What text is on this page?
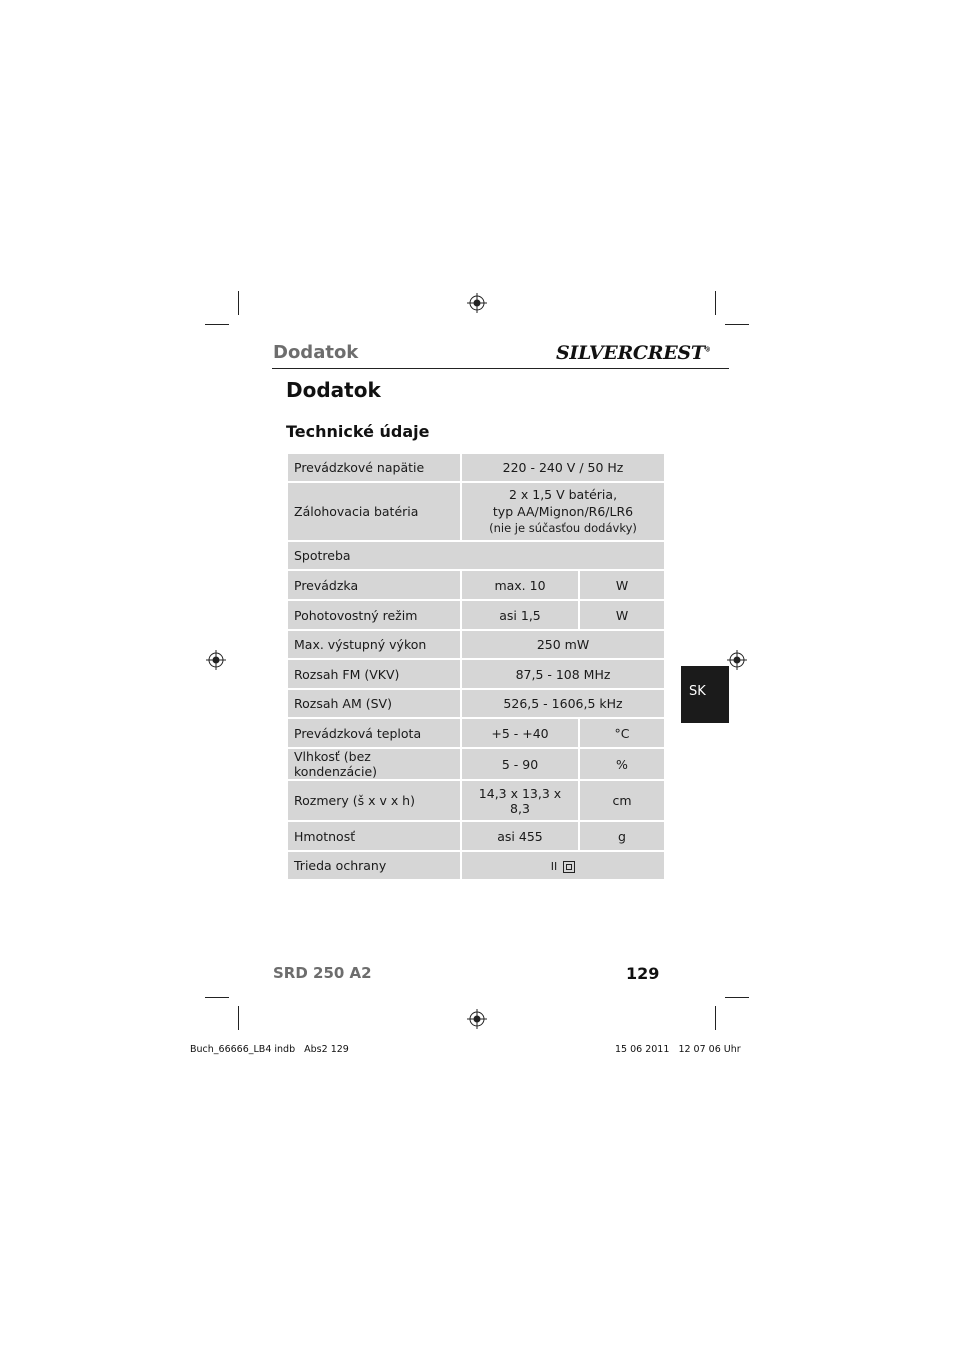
Dodatok	SILVERCREST®
Dodatok
Technické údaje
SK
Prevádzkové napätie	220 - 240 V / 50 Hz	
Zálohovacia batéria	2 x 1,5 V batéria,
typ AA/Mignon/R6/LR6
(nie je súčasťou dodávky)	

Spotreba		
Prevádzka	max. 10	W
Pohotovostný režim	asi 1,5	W
Max. výstupný výkon	250 mW	
Rozsah FM (VKV)	87,5 - 108 MHz	
Rozsah AM (SV)	526,5 - 1606,5 kHz	
Prevádzková teplota	+5 - +40	°C
Vlhkosť (bez kondenzácie)	5 - 90	%
Rozmery (š x v x h)	14,3 x 13,3 x 8,3	cm
Hmotnosť	asi 455	g
Trieda ochrany	II	
SRD 250 A2	129
Buch_66666_LB4 indb   Abs2 129	15 06 2011   12 07 06 Uhr
